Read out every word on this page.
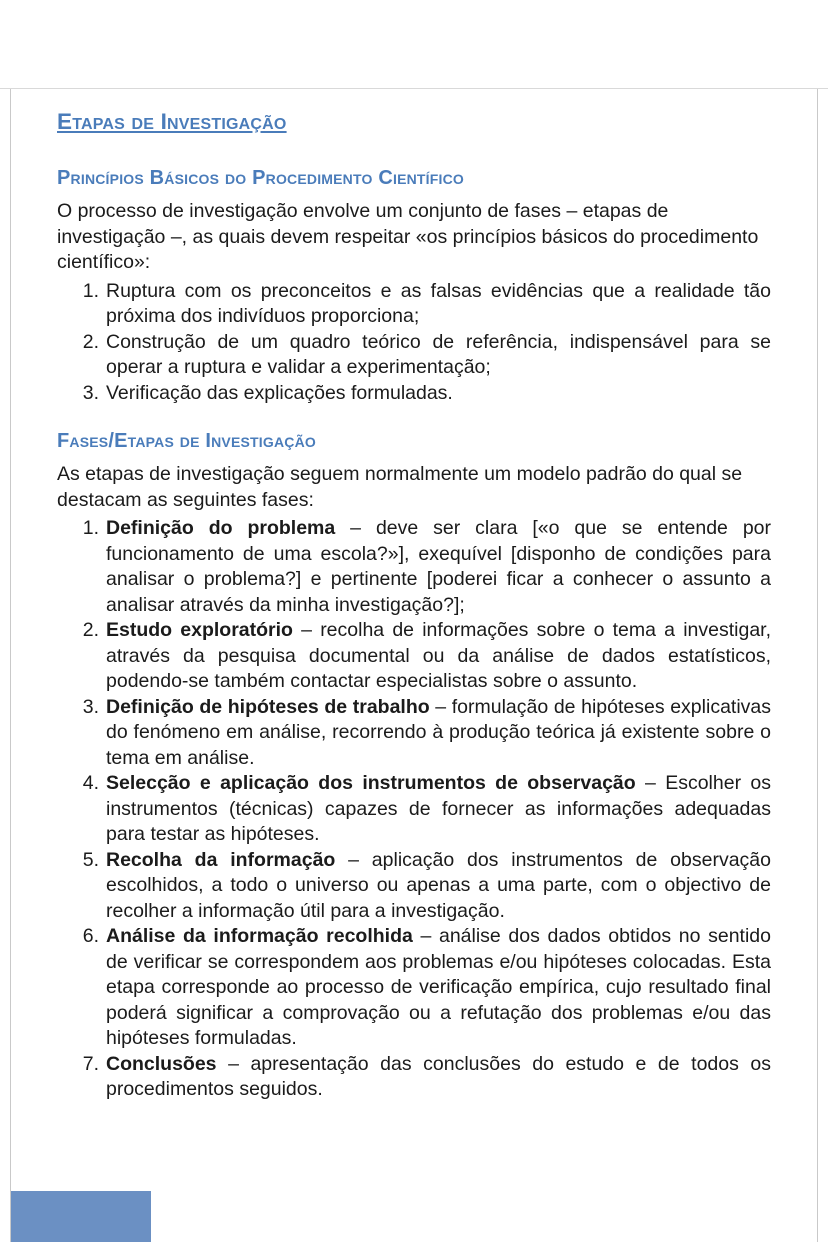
Etapas de Investigação
Princípios Básicos do Procedimento Científico

O processo de investigação envolve um conjunto de fases – etapas de investigação –, as quais devem respeitar «os princípios básicos do procedimento científico»:

1. Ruptura com os preconceitos e as falsas evidências que a realidade tão próxima dos indivíduos proporciona;
2. Construção de um quadro teórico de referência, indispensável para se operar a ruptura e validar a experimentação;
3. Verificação das explicações formuladas.
Fases/Etapas de Investigação

As etapas de investigação seguem normalmente um modelo padrão do qual se destacam as seguintes fases:

1. Definição do problema – deve ser clara [«o que se entende por funcionamento de uma escola?»], exequível [disponho de condições para analisar o problema?] e pertinente [poderei ficar a conhecer o assunto a analisar através da minha investigação?];
2. Estudo exploratório – recolha de informações sobre o tema a investigar, através da pesquisa documental ou da análise de dados estatísticos, podendo-se também contactar especialistas sobre o assunto.
3. Definição de hipóteses de trabalho – formulação de hipóteses explicativas do fenómeno em análise, recorrendo à produção teórica já existente sobre o tema em análise.
4. Selecção e aplicação dos instrumentos de observação – Escolher os instrumentos (técnicas) capazes de fornecer as informações adequadas para testar as hipóteses.
5. Recolha da informação – aplicação dos instrumentos de observação escolhidos, a todo o universo ou apenas a uma parte, com o objectivo de recolher a informação útil para a investigação.
6. Análise da informação recolhida – análise dos dados obtidos no sentido de verificar se correspondem aos problemas e/ou hipóteses colocadas. Esta etapa corresponde ao processo de verificação empírica, cujo resultado final poderá significar a comprovação ou a refutação dos problemas e/ou das hipóteses formuladas.
7. Conclusões – apresentação das conclusões do estudo e de todos os procedimentos seguidos.
